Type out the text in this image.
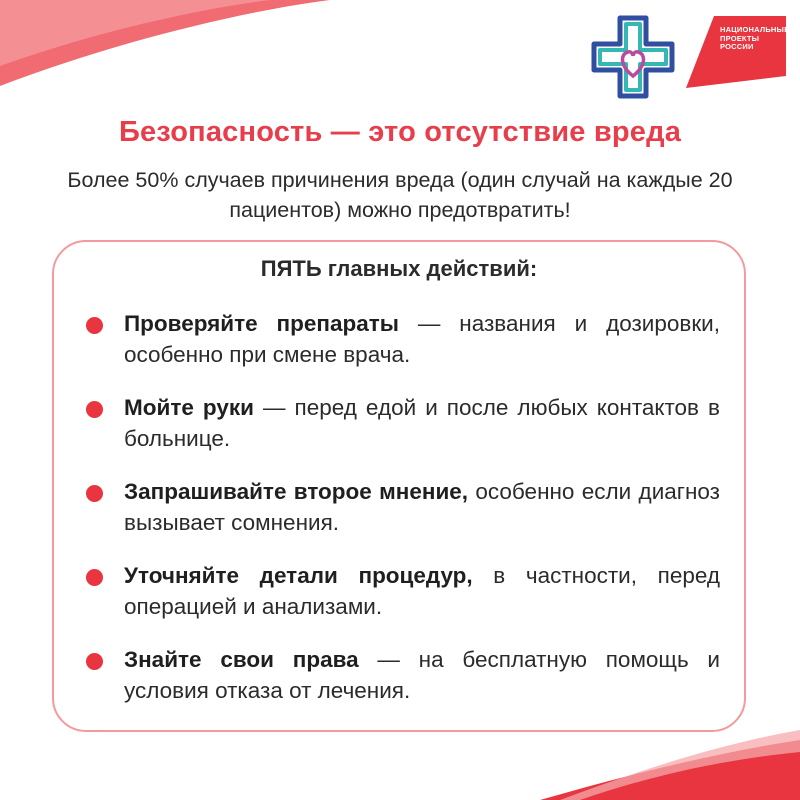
НАЦИОНАЛЬНЫЕ
ПРОЕКТЫ
РОССИИ
Безопасность — это отсутствие вреда
Более 50% случаев причинения вреда (один случай на каждые 20 пациентов) можно предотвратить!
ПЯТЬ главных действий:
Проверяйте препараты — названия и дозировки, особенно при смене врача.
Мойте руки — перед едой и после любых контактов в больнице.
Запрашивайте второе мнение, особенно если диагноз вызывает сомнения.
Уточняйте детали процедур, в частности, перед операцией и анализами.
Знайте свои права — на бесплатную помощь и условия отказа от лечения.
